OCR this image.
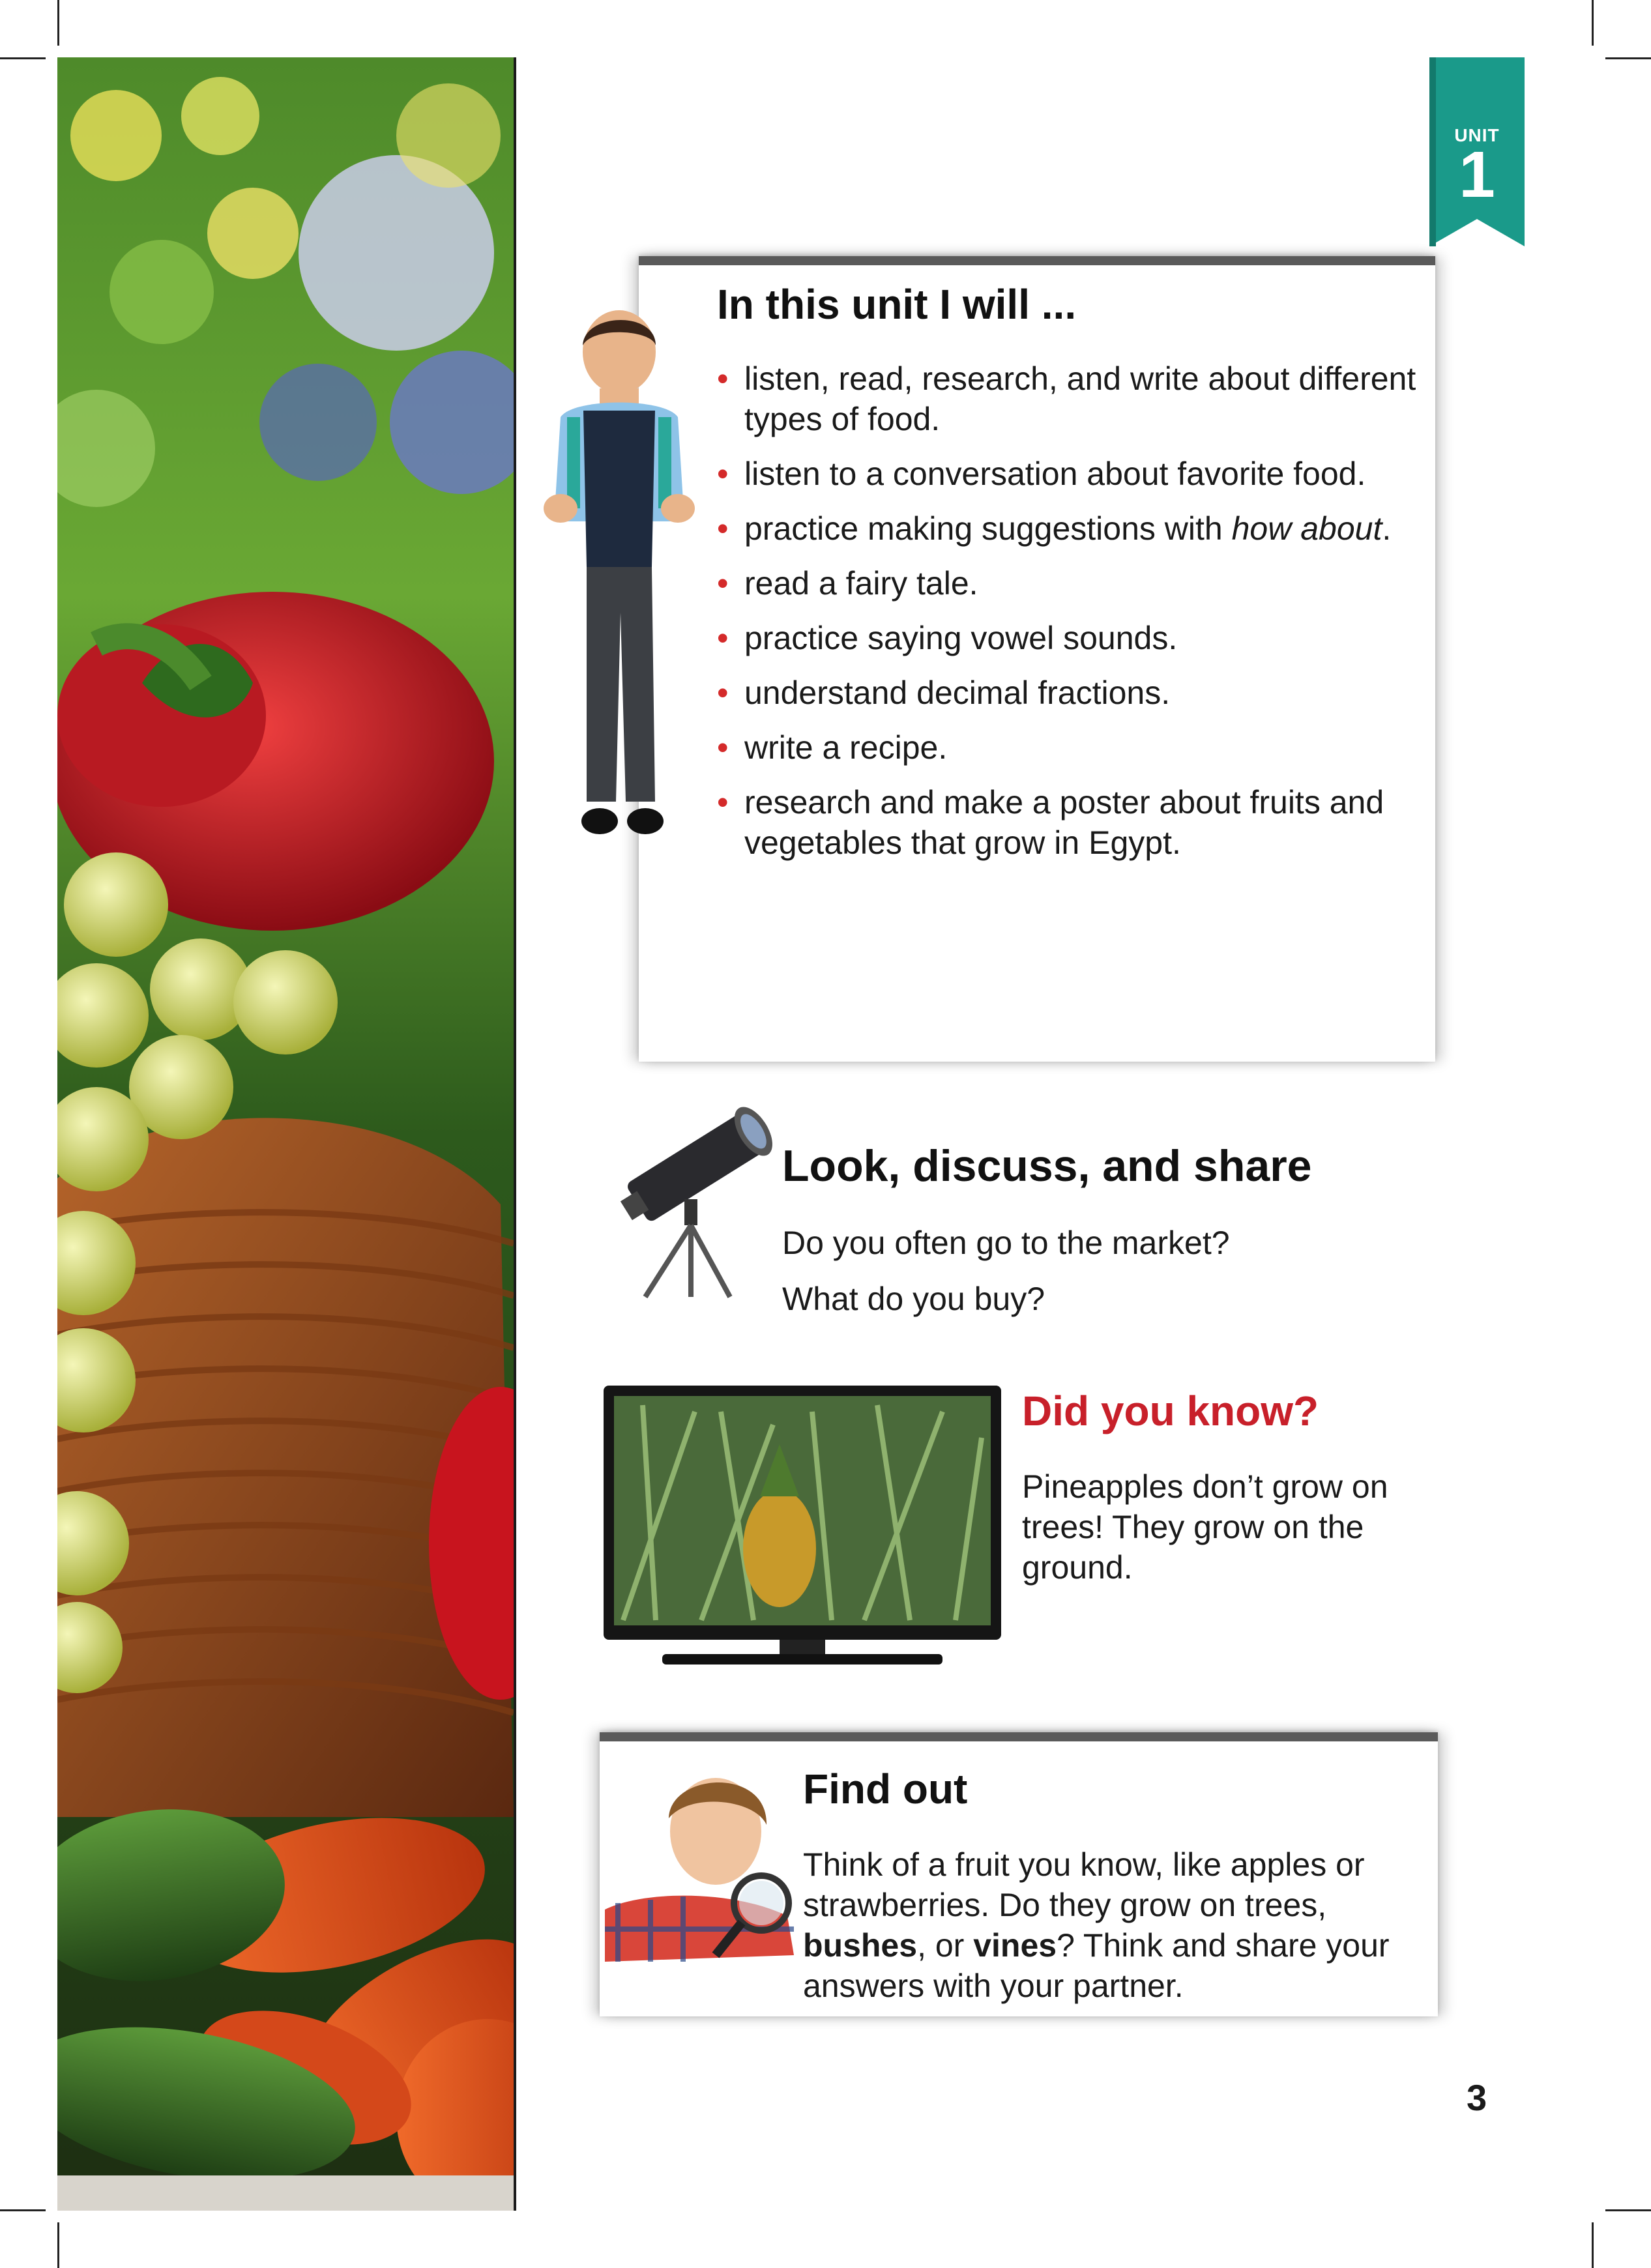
UNIT
1
In this unit I will ...
• listen, read, research, and write about different types of food.
• listen to a conversation about favorite food.
• practice making suggestions with how about.
• read a fairy tale.
• practice saying vowel sounds.
• understand decimal fractions.
• write a recipe.
• research and make a poster about fruits and vegetables that grow in Egypt.
Look, discuss, and share
Do you often go to the market?
What do you buy?
Did you know?
Pineapples don’t grow on trees! They grow on the ground.
Find out
Think of a fruit you know, like apples or strawberries. Do they grow on trees, bushes, or vines? Think and share your answers with your partner.
3
